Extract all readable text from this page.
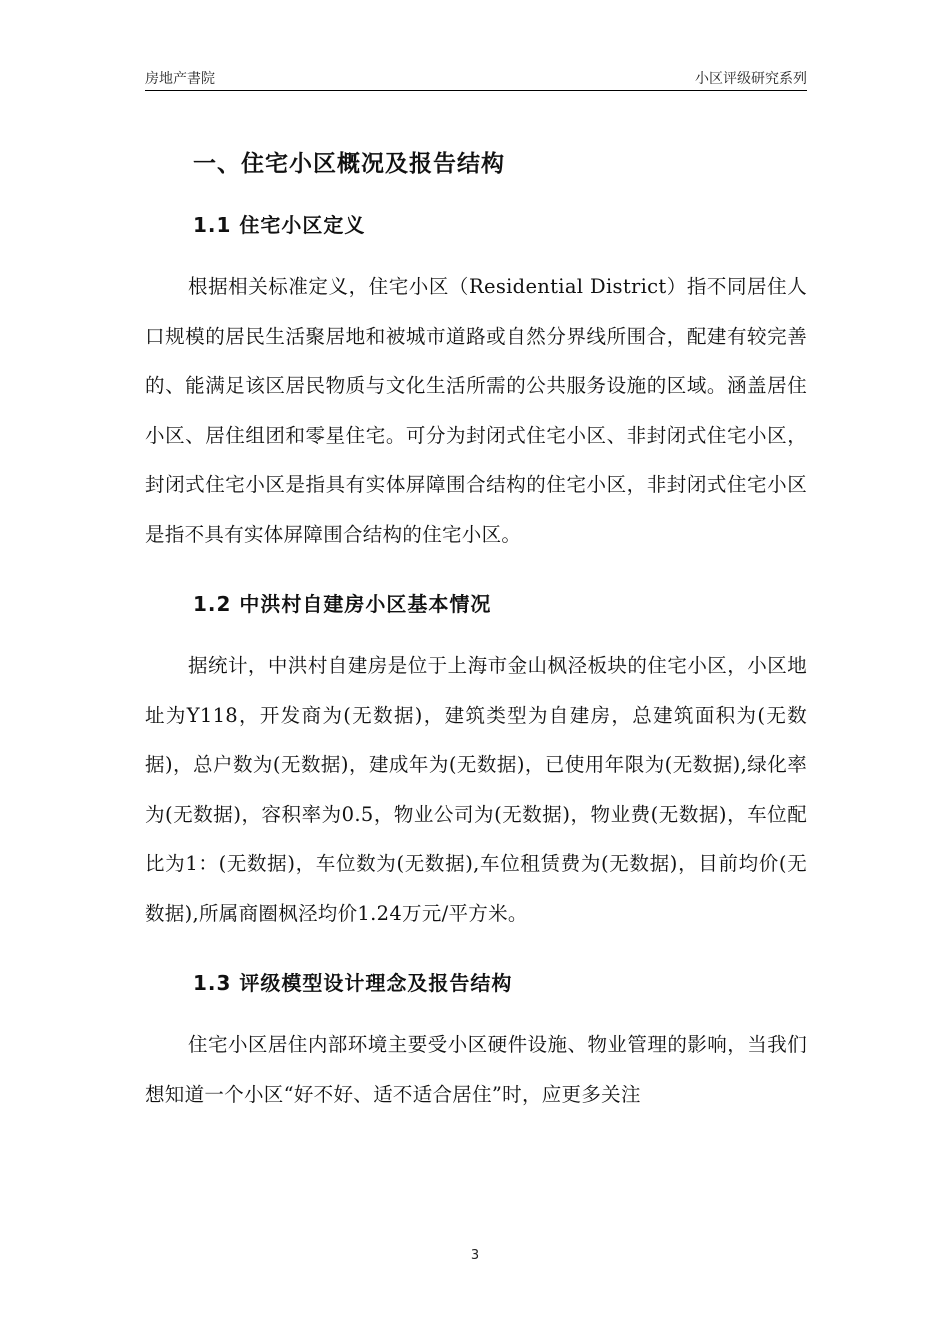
房地产書院	小区评级研究系列
一、住宅小区概况及报告结构
1.1 住宅小区定义

根据相关标准定义，住宅小区（Residential District）指不同居住人口规模的居民生活聚居地和被城市道路或自然分界线所围合，配建有较完善的、能满足该区居民物质与文化生活所需的公共服务设施的区域。涵盖居住小区、居住组团和零星住宅。可分为封闭式住宅小区、非封闭式住宅小区，封闭式住宅小区是指具有实体屏障围合结构的住宅小区，非封闭式住宅小区是指不具有实体屏障围合结构的住宅小区。

1.2 中洪村自建房小区基本情况

据统计，中洪村自建房是位于上海市金山枫泾板块的住宅小区，小区地址为Y118，开发商为(无数据)，建筑类型为自建房，总建筑面积为(无数据)，总户数为(无数据)，建成年为(无数据)，已使用年限为(无数据),绿化率为(无数据)，容积率为0.5，物业公司为(无数据)，物业费(无数据)，车位配比为1：(无数据)，车位数为(无数据),车位租赁费为(无数据)，目前均价(无数据),所属商圈枫泾均价1.24万元/平方米。

1.3 评级模型设计理念及报告结构

住宅小区居住内部环境主要受小区硬件设施、物业管理的影响，当我们想知道一个小区“好不好、适不适合居住”时，应更多关注

3
